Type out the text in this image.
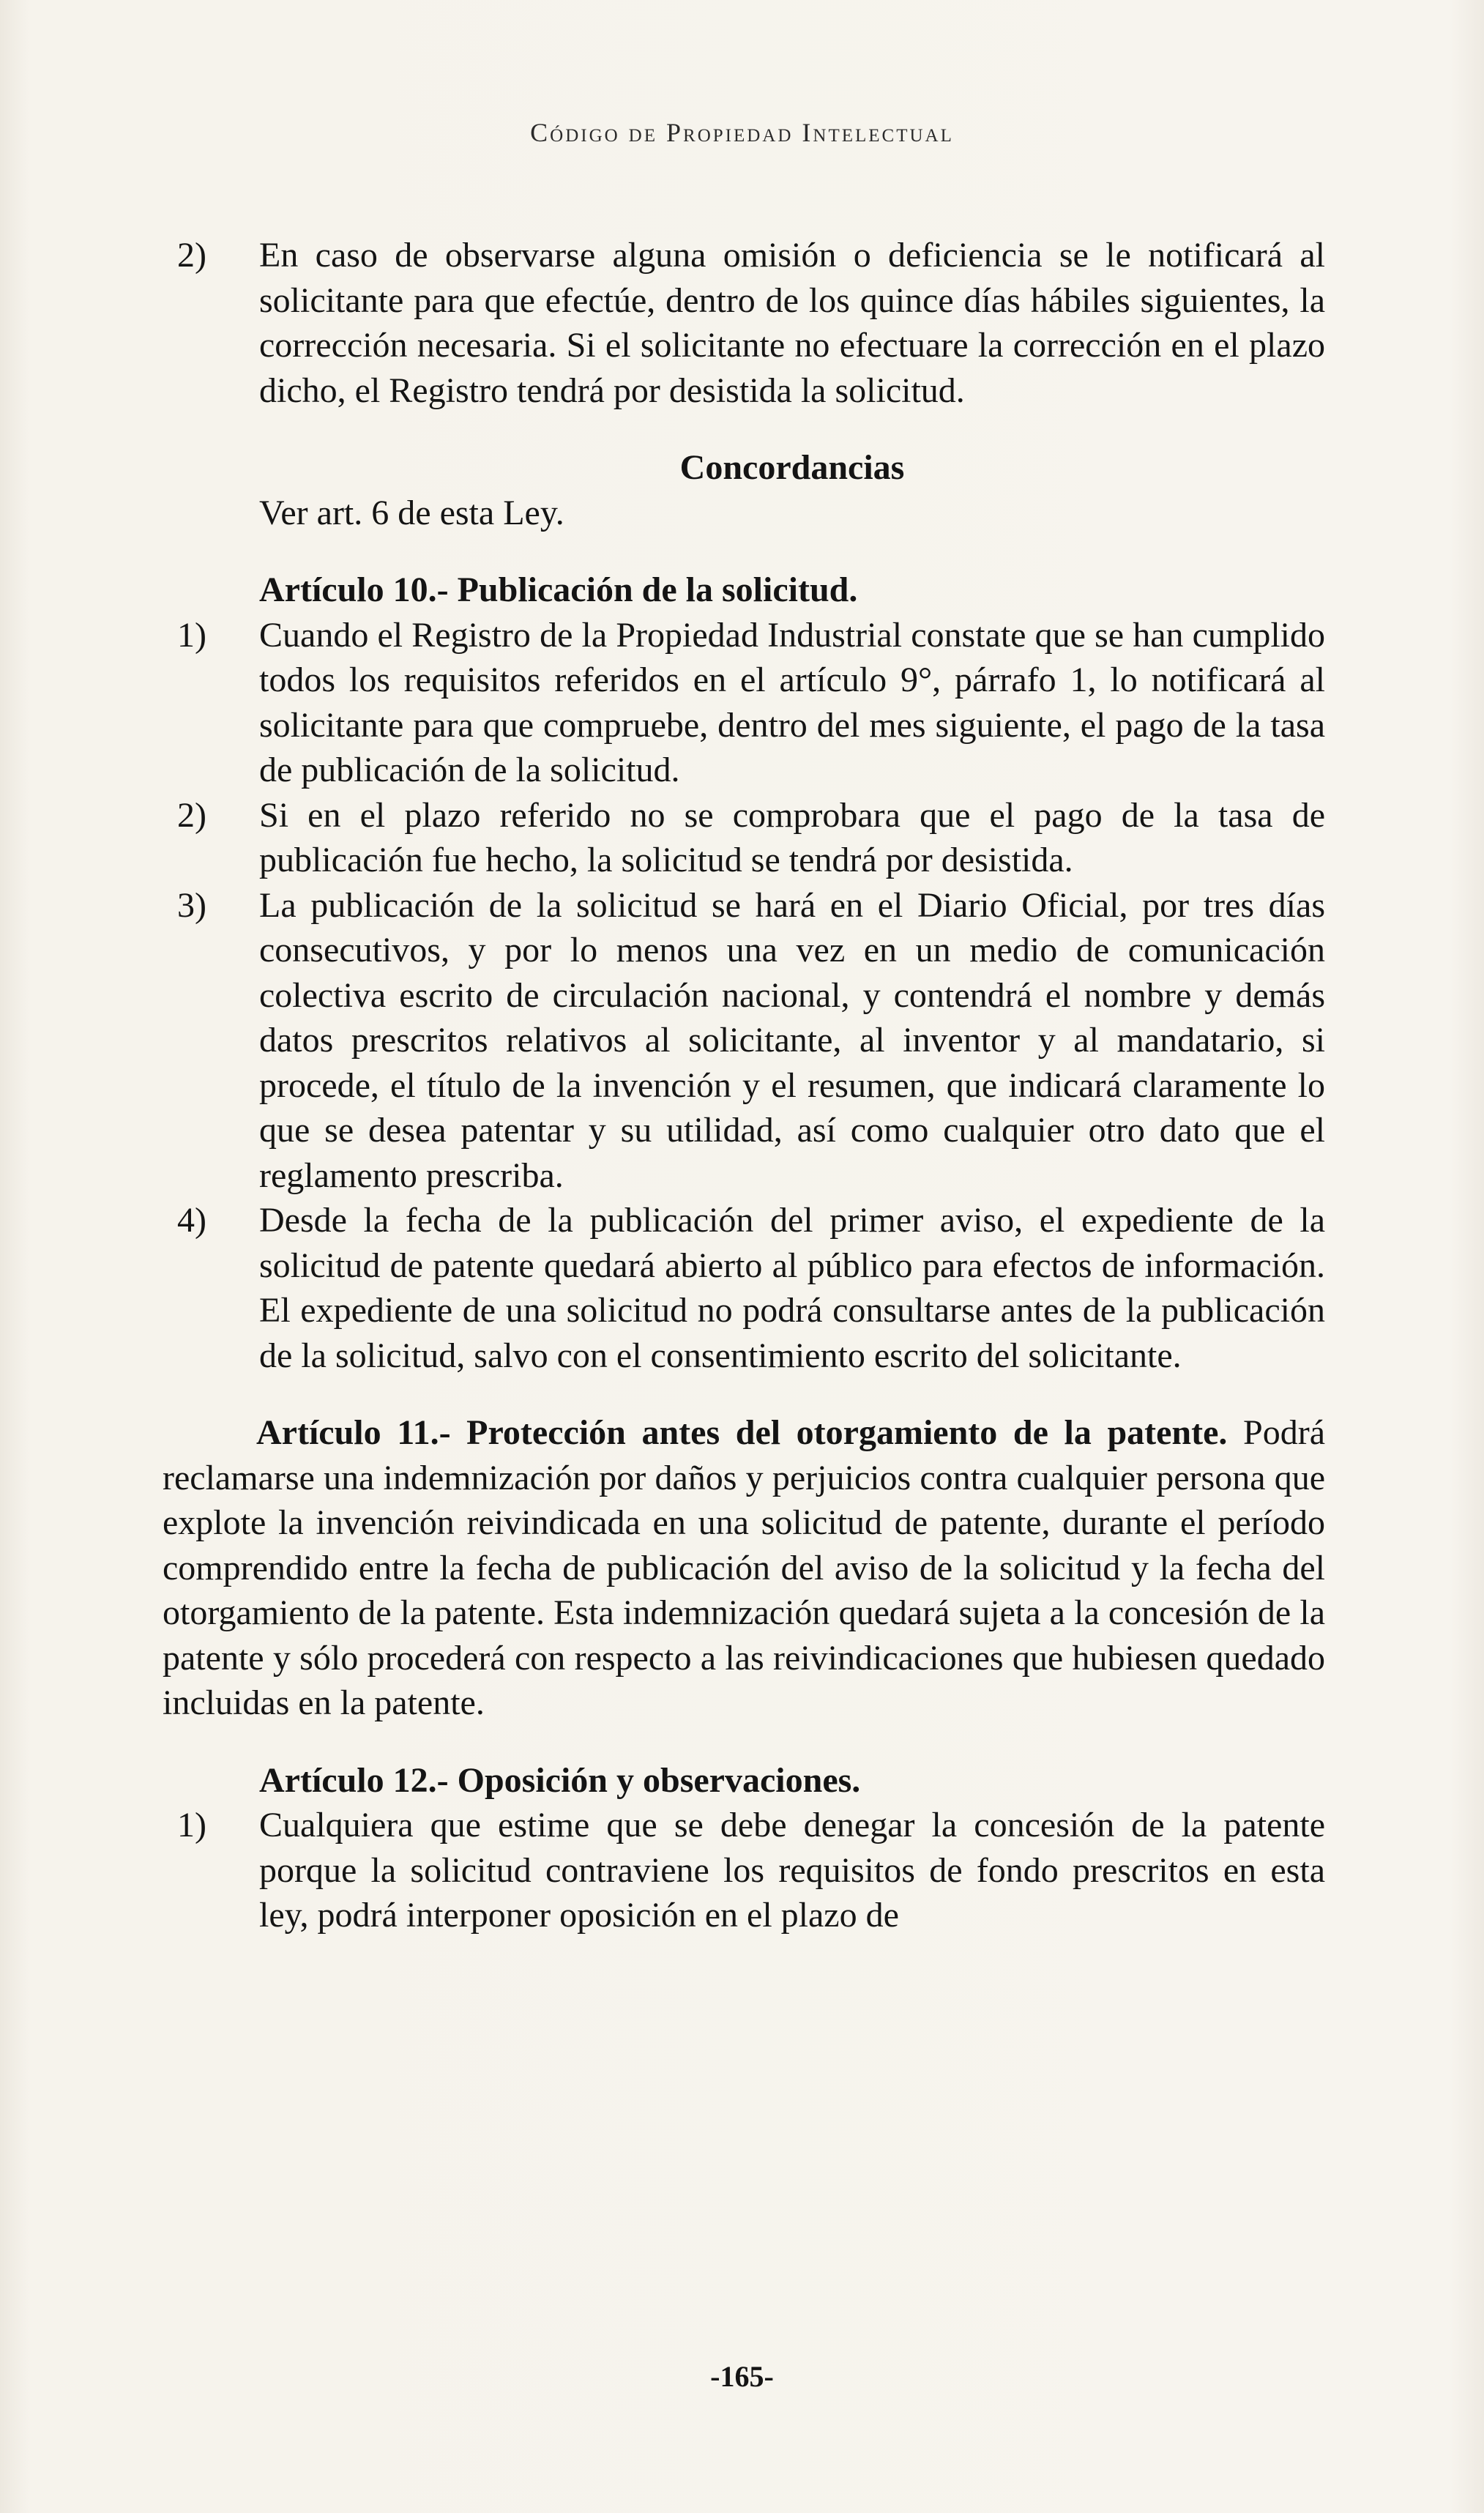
Código de Propiedad Intelectual

2) En caso de observarse alguna omisión o deficiencia se le notificará al solicitante para que efectúe, dentro de los quince días hábiles siguientes, la corrección necesaria. Si el solicitante no efectuare la corrección en el plazo dicho, el Registro tendrá por desistida la solicitud.

Concordancias

Ver art. 6 de esta Ley.

Artículo 10.- Publicación de la solicitud.

1) Cuando el Registro de la Propiedad Industrial constate que se han cumplido todos los requisitos referidos en el artículo 9°, párrafo 1, lo notificará al solicitante para que compruebe, dentro del mes siguiente, el pago de la tasa de publicación de la solicitud.

2) Si en el plazo referido no se comprobara que el pago de la tasa de publicación fue hecho, la solicitud se tendrá por desistida.

3) La publicación de la solicitud se hará en el Diario Oficial, por tres días consecutivos, y por lo menos una vez en un medio de comunicación colectiva escrito de circulación nacional, y contendrá el nombre y demás datos prescritos relativos al solicitante, al inventor y al mandatario, si procede, el título de la invención y el resumen, que indicará claramente lo que se desea patentar y su utilidad, así como cualquier otro dato que el reglamento prescriba.

4) Desde la fecha de la publicación del primer aviso, el expediente de la solicitud de patente quedará abierto al público para efectos de información. El expediente de una solicitud no podrá consultarse antes de la publicación de la solicitud, salvo con el consentimiento escrito del solicitante.

Artículo 11.- Protección antes del otorgamiento de la patente. Podrá reclamarse una indemnización por daños y perjuicios contra cualquier persona que explote la invención reivindicada en una solicitud de patente, durante el período comprendido entre la fecha de publicación del aviso de la solicitud y la fecha del otorgamiento de la patente. Esta indemnización quedará sujeta a la concesión de la patente y sólo procederá con respecto a las reivindicaciones que hubiesen quedado incluidas en la patente.

Artículo 12.- Oposición y observaciones.

1) Cualquiera que estime que se debe denegar la concesión de la patente porque la solicitud contraviene los requisitos de fondo prescritos en esta ley, podrá interponer oposición en el plazo de

-165-
